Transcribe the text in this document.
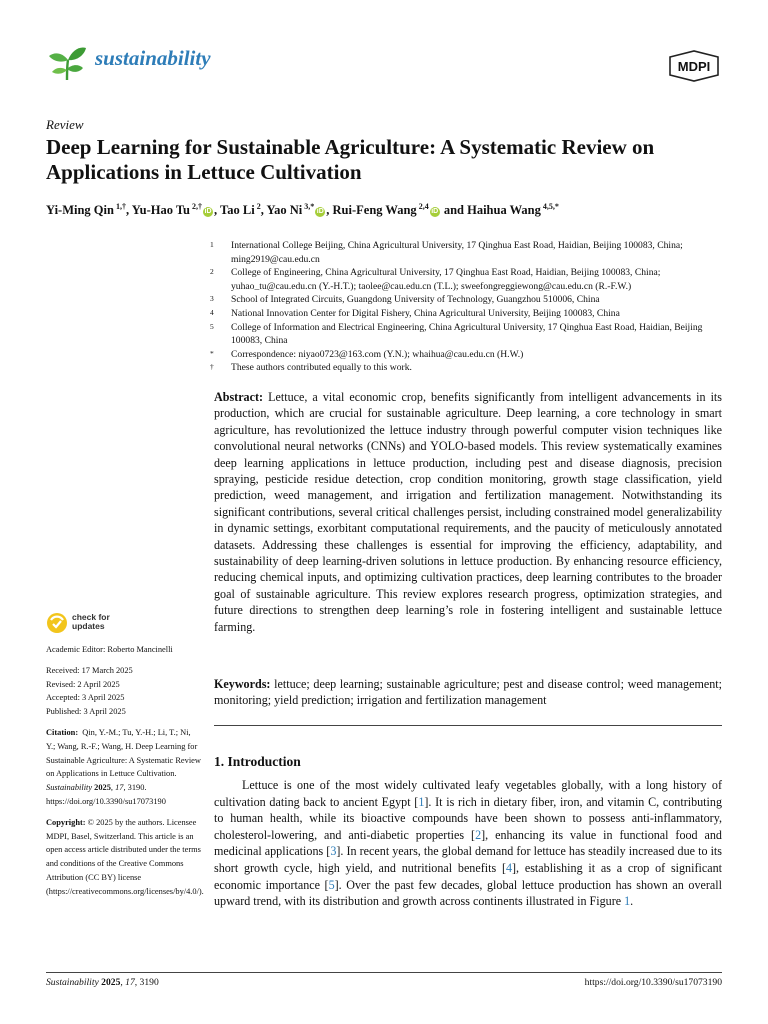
sustainability	MDPI
Review
Deep Learning for Sustainable Agriculture: A Systematic Review on Applications in Lettuce Cultivation
Yi-Ming Qin $^{1,\dagger}$, Yu-Hao Tu $^{2,\dagger}$iD , Tao Li $^2$, Yao Ni $^{3,*}$iD , Rui-Feng Wang $^{2,4}$iD and Haihua Wang $^{4,5,*}$
1 International College Beijing, China Agricultural University, 17 Qinghua East Road, Haidian, Beijing 100083, China; ming2919@cau.edu.cn
2 College of Engineering, China Agricultural University, 17 Qinghua East Road, Haidian, Beijing 100083, China; yuhao_tu@cau.edu.cn (Y.-H.T.); taolee@cau.edu.cn (T.L.); sweefongreggiewong@cau.edu.cn (R.-F.W.)
3 School of Integrated Circuits, Guangdong University of Technology, Guangzhou 510006, China
4 National Innovation Center for Digital Fishery, China Agricultural University, Beijing 100083, China
5 College of Information and Electrical Engineering, China Agricultural University, 17 Qinghua East Road, Haidian, Beijing 100083, China
* Correspondence: niyao0723@163.com (Y.N.); whaihua@cau.edu.cn (H.W.)
† These authors contributed equally to this work.

Abstract: Lettuce, a vital economic crop, benefits significantly from intelligent advancements in its production, which are crucial for sustainable agriculture. Deep learning, a core technology in smart agriculture, has revolutionized the lettuce industry through powerful computer vision techniques like convolutional neural networks (CNNs) and YOLO-based models. This review systematically examines deep learning applications in lettuce production, including pest and disease diagnosis, precision spraying, pesticide residue detection, crop condition monitoring, growth stage classification, yield prediction, weed management, and irrigation and fertilization management. Notwithstanding its significant contributions, several critical challenges persist, including constrained model generalizability in dynamic settings, exorbitant computational requirements, and the paucity of meticulously annotated datasets. Addressing these challenges is essential for improving the efficiency, adaptability, and sustainability of deep learning-driven solutions in lettuce production. By enhancing resource efficiency, reducing chemical inputs, and optimizing cultivation practices, deep learning contributes to the broader goal of sustainable agriculture. This review explores research progress, optimization strategies, and future directions to strengthen deep learning’s role in fostering intelligent and sustainable lettuce farming.

Keywords: lettuce; deep learning; sustainable agriculture; pest and disease control; weed management; monitoring; yield prediction; irrigation and fertilization management

1. Introduction

Lettuce is one of the most widely cultivated leafy vegetables globally, with a long history of cultivation dating back to ancient Egypt [1]. It is rich in dietary fiber, iron, and vitamin C, contributing to human health, while its bioactive compounds have been shown to possess anti-inflammatory, cholesterol-lowering, and anti-diabetic properties [2], enhancing its value in functional food and medicinal applications [3]. In recent years, the global demand for lettuce has steadily increased due to its short growth cycle, high yield, and nutritional benefits [4], establishing it as a crop of significant economic importance [5]. Over the past few decades, global lettuce production has shown an overall upward trend, with its distribution and growth across continents illustrated in Figure 1.

check for
updates
Academic Editor: Roberto Mancinelli
Received: 17 March 2025
Revised: 2 April 2025
Accepted: 3 April 2025
Published: 3 April 2025
Citation: Qin, Y.-M.; Tu, Y.-H.; Li, T.; Ni, Y.; Wang, R.-F.; Wang, H. Deep Learning for Sustainable Agriculture: A Systematic Review on Applications in Lettuce Cultivation. Sustainability 2025, 17, 3190. https://doi.org/10.3390/su17073190
Copyright: © 2025 by the authors. Licensee MDPI, Basel, Switzerland. This article is an open access article distributed under the terms and conditions of the Creative Commons Attribution (CC BY) license (https://creativecommons.org/licenses/by/4.0/).
Sustainability 2025, 17, 3190	https://doi.org/10.3390/su17073190
